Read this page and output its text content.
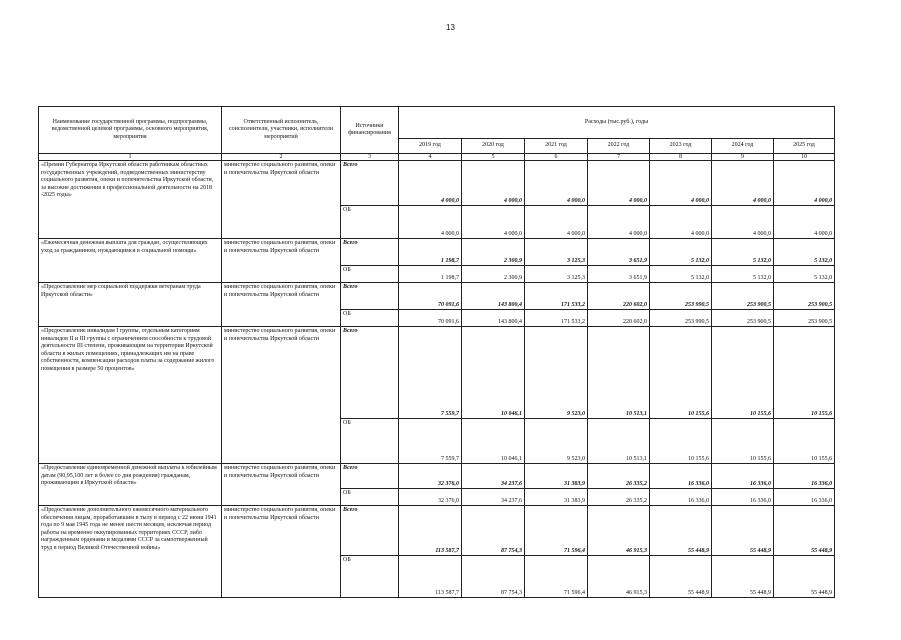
13
Наименование государственной программы, подпрограммы, ведомственной целевой программы, основного мероприятия, мероприятия	Ответственный исполнитель, соисполнители, участники, исполнители мероприятий	Источники финансирования	Расходы (тыс.руб.), годы						
			2019 год	2020 год	2021 год	2022 год	2023 год	2024 год	2025 год
1	2	3	4	5	6	7	8	9	10
«Премии Губернатора Иркутской области работникам областных государственных учреждений, подведомственных министерству социального развития, опеки и попечительства Иркутской области, за высокие достижения в профессиональной деятельности на 2018 -2025 годы»	министерство социального развития, опеки и попечительства Иркутской области	Всего	4 000,0	4 000,0	4 000,0	4 000,0	4 000,0	4 000,0	4 000,0
		ОБ	4 000,0	4 000,0	4 000,0	4 000,0	4 000,0	4 000,0	4 000,0
«Ежемесячная денежная выплата для граждан, осуществляющих уход за гражданином, нуждающимся в социальной помощи»	министерство социального развития, опеки и попечительства Иркутской области	Всего	1 198,7	2 300,9	3 125,3	3 651,9	5 132,0	5 132,0	5 132,0
		ОБ	1 198,7	2 300,9	3 125,3	3 651,9	5 132,0	5 132,0	5 132,0
«Предоставление мер социальной поддержки ветеранам труда Иркутской области»	министерство социального развития, опеки и попечительства Иркутской области	Всего	70 091,6	143 800,4	171 533,2	220 602,0	253 990,5	253 900,5	253 900,5
		ОБ	70 091,6	143 800,4	171 533,2	220 602,0	253 990,5	253 900,5	253 900,5
«Предоставление инвалидам I группы, отдельным категориям инвалидов II и III группы с ограничением способности к трудовой деятельности III степени, проживающим на территории Иркутской области в жилых помещениях, принадлежащих им на праве собственности, компенсации расходов платы за содержание жилого помещения в размере 50 процентов»	министерство социального развития, опеки и попечительства Иркутской области	Всего	7 559,7	10 046,1	9 523,0	10 513,1	10 155,6	10 155,6	10 155,6
		ОБ	7 559,7	10 046,1	9 523,0	10 513,1	10 155,6	10 155,6	10 155,6
«Предоставление единовременной денежной выплаты к юбилейным датам (90,95,100 лет и более со дня рождения) гражданам, проживающим в Иркутской области»	министерство социального развития, опеки и попечительства Иркутской области	Всего	32 376,0	34 237,6	31 383,9	26 335,2	16 336,0	16 336,0	16 336,0
		ОБ	32 376,0	34 237,6	31 383,9	26 335,2	16 336,0	16 336,0	16 336,0
«Предоставление дополнительного ежемесячного материального обеспечения лицам, проработавшим в тылу в период с 22 июня 1941 года по 9 мая 1945 года не менее шести месяцев, исключая период работы на временно оккупированных территориях СССР, либо награжденным орденами и медалями СССР за самоотверженный труд в период Великой Отечественной войны»	министерство социального развития, опеки и попечительства Иркутской области	Всего	113 587,7	87 754,3	71 596,4	46 915,3	55 448,9	55 448,9	55 448,9
		ОБ	113 587,7	87 754,3	71 596,4	46 915,3	55 448,9	55 448,9	55 448,9
